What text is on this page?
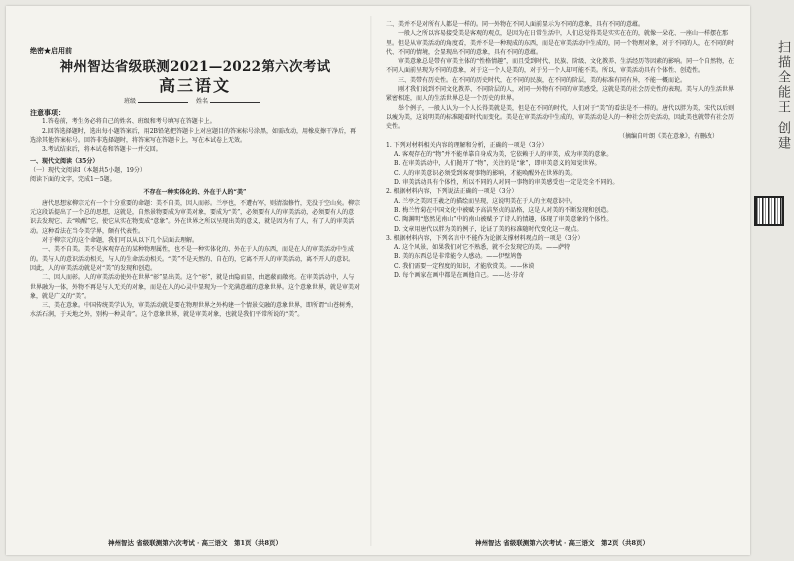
绝密★启用前
神州智达省级联测2021—2022第六次考试
高三语文
班级	姓名
注意事项：

1.答卷前，考生务必将自己的姓名、班级和考号填写在答题卡上。

2.回答选择题时，选出每小题答案后，用2B铅笔把答题卡上对应题目的答案标号涂黑，如需改动，用橡皮擦干净后，再选涂其他答案标号。回答非选择题时，将答案写在答题卡上，写在本试卷上无效。

3.考试结束后，将本试卷和答题卡一并交回。

一、现代文阅读（35分）
（一）现代文阅读Ⅰ（本题共5小题，19分）
阅读下面的文字，完成1～5题。
不存在一种实体化的、外在于人的“美”

唐代思想家柳宗元有一个十分重要的命题：美不自美，因人而彰。兰亭也，不遭右军，则清湍修竹，芜没于空山矣。柳宗元这段话提出了一个总的思想，这就是，自然景物要成为审美对象，要成为“美”，必须要有人的审美活动，必须要有人的意识去发现它、去“唤醒”它，使它从实在物变成“意象”。外在世界之所以呈现出美的意义，就是因为有了人，有了人的审美活动。这种看法在当今美学界，颇有代表性。

对于柳宗元的这个命题，我们可以从以下几个层面去理解。

一、美不自美。美不是客观存在的某种物理属性，也不是一种实体化的、外在于人的东西，而是在人的审美活动中生成的。美与人的意识活动相关，与人的生命活动相关。“美”不是天然的、自在的，它离不开人的审美活动，离不开人的意识。因此，人的审美活动就是对“美”的发现和创造。

二、因人而彰。人的审美活动使外在世界“彰”显出美。这个“彰”，就是由隐而显，由遮蔽而敞亮。在审美活动中，人与世界融为一体，外物不再是与人无关的对象，而是在人的心灵中显现为一个充满意蕴的意象世界。这个意象世界，就是审美对象，就是广义的“美”。

三、美在意象。中国传统美学认为，审美活动就是要在物理世界之外构建一个情景交融的意象世界，即所谓“山苍树秀，水活石润，于天地之外，别构一种灵奇”。这个意象世界，就是审美对象，也就是我们平常所说的“美”。

神州智达 省级联测第六次考试 · 高三语文　第1页（共8页）

二、美并不是对所有人都是一样的。同一外物在不同人面前显示为不同的意象，具有不同的意蕴。

一般人之所以容易接受美是客观的观点，是因为在日常生活中，人们总觉得美是实实在在的，就像一朵花、一座山一样摆在那里。但是从审美活动的角度看，美并不是一种现成的东西，而是在审美活动中生成的，同一个物理对象，对于不同的人，在不同的时代、不同的情境，会显现出不同的意象，具有不同的意蕴。

审美意象总是带有审美主体的“性格情趣”，而且受到时代、民族、阶级、文化教养、生活经历等因素的影响。同一个自然物，在不同人面前呈现为不同的意象，对于这一个人是美的，对于另一个人却可能不美。所以，审美活动具有个体性、创造性。

三、美带有历史性。在不同的历史时代，在不同的民族，在不同的阶层，美的标准有同有异，不能一概而论。

刚才我们说到不同文化教养、不同阶层的人，对同一外物有不同的审美感受，这就是美的社会历史性的表现。美与人的生活世界紧密相连，而人的生活世界总是一个历史的世界。

举个例子，一般人认为一个人长得美就是美，但是在不同的时代，人们对于“美”的看法是不一样的。唐代以胖为美，宋代以后则以瘦为美，这说明美的标准随着时代而变化。美是在审美活动中生成的，审美活动是人的一种社会历史活动，因此美也就带有社会历史性。

（摘编自叶朗《美在意象》，有删改）

1. 下列对材料相关内容的理解和分析，正确的一项是（3分）

A. 客观存在的“物”并不能单靠自身成为美，它依赖于人的审美，成为审美的意象。

B. 在审美活动中，人们抛开了“物”，关注的是“象”，即审美意义的知觉世界。

C. 人的审美意识必须受到客观事物的影响，才能唤醒外在世界的美。

D. 审美活动具有个体性，所以不同的人对同一事物的审美感受也一定是完全不同的。

2. 根据材料内容，下列说法正确的一项是（3分）

A. 兰亭之美因王羲之的描绘而呈现，这说明美在于人的主观意识中。

B. 梅兰竹菊在中国文化中被赋予高洁坚贞的品格，这是人对美的不断发现和创造。

C. 陶渊明“悠然见南山”中的南山被赋予了诗人的情趣，体现了审美意象的个体性。

D. 文章用唐代以胖为美的例子，论证了美的标准随时代变化这一观点。

3. 根据材料内容，下列名言中不能作为论据支撑材料观点的一项是（3分）

A. 这个风景，如果我们对它不熟悉，就不会发现它的美。——萨特

B. 美的东西总是非常能令人感动。——伊壁鸠鲁

C. 我们需要一定程度的知识，才能欣赏美。——休谟

D. 每个画家在画中都是在画他自己。——达·芬奇

神州智达 省级联测第六次考试 · 高三语文　第2页（共8页）
扫描全能王 创建
